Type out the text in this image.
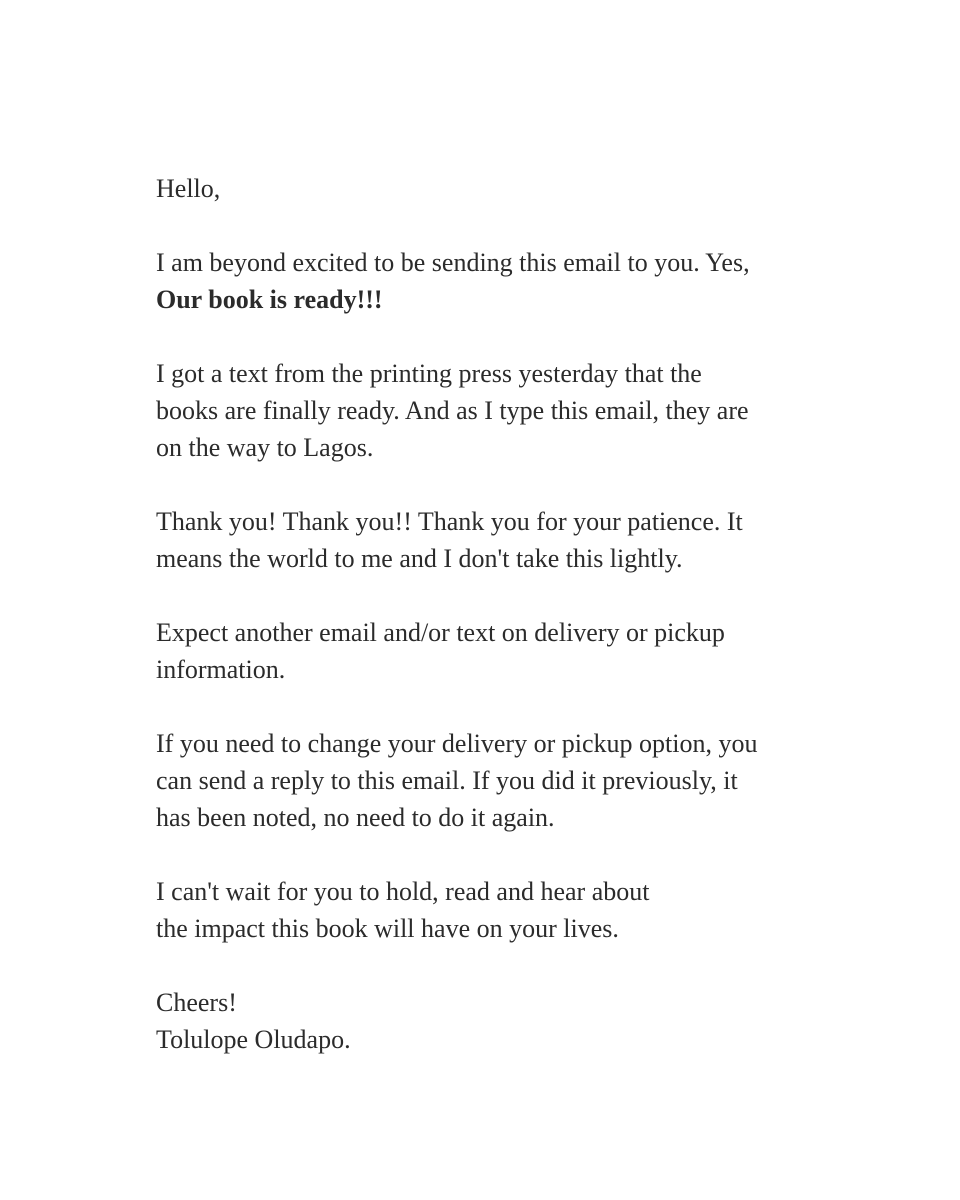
Hello,

I am beyond excited to be sending this email to you. Yes,
Our book is ready!!!

I got a text from the printing press yesterday that the
books are finally ready. And as I type this email, they are
on the way to Lagos.

Thank you! Thank you!! Thank you for your patience. It
means the world to me and I don't take this lightly.

Expect another email and/or text on delivery or pickup
information.

If you need to change your delivery or pickup option, you
can send a reply to this email. If you did it previously, it
has been noted, no need to do it again.

I can't wait for you to hold, read and hear about
the impact this book will have on your lives.

Cheers!
Tolulope Oludapo.
